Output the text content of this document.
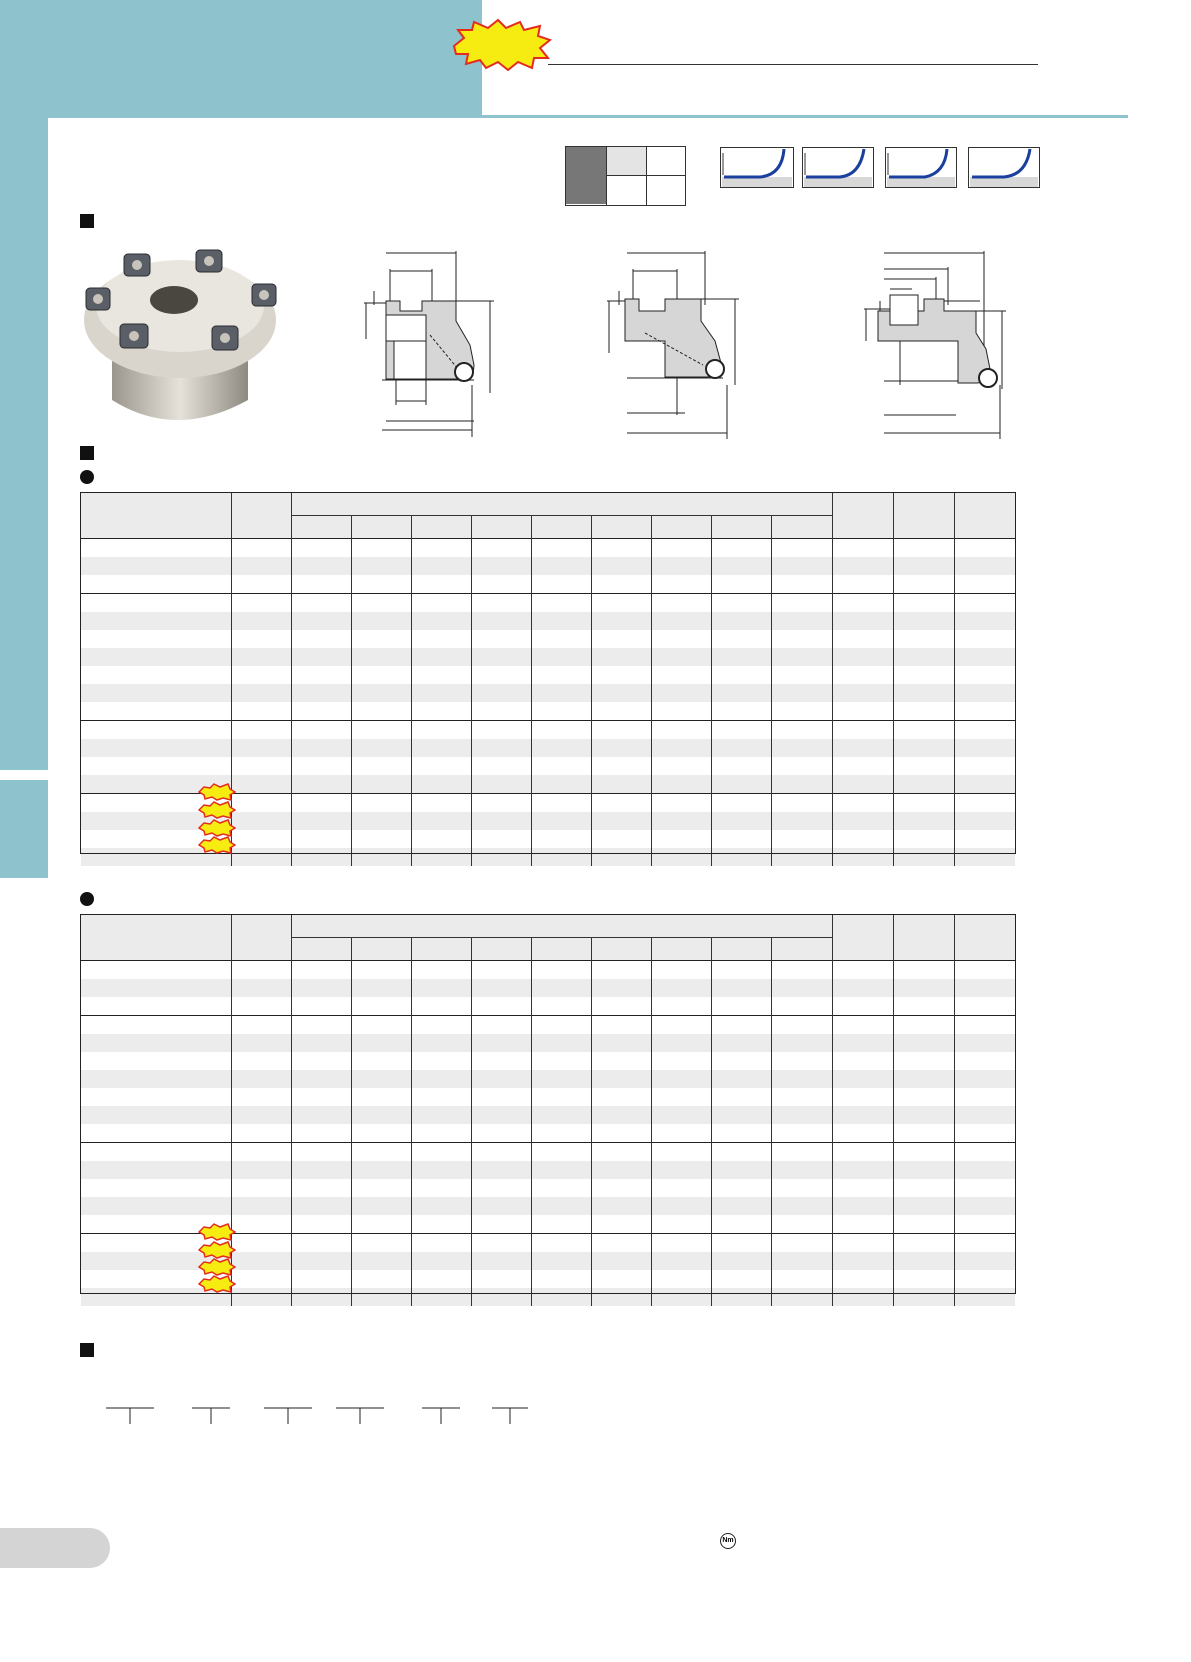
Nm
